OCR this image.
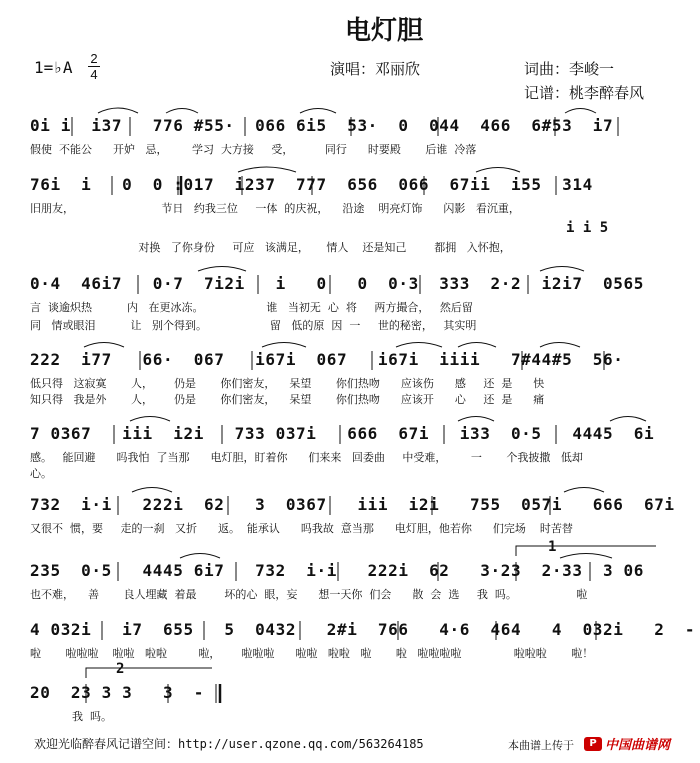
电灯胆
1=♭A 2
4	演唱：邓丽欣	词曲：李峻一
记谱：桃李醉春风
0i i  i37   776 #55·  066 6i5  53·  0  044  466  6#53  i7
假使  不能公      开妒   忌，       学习  大方接     受，         同行      时要殿       后谁  冷落
76i  i   0  0 :017  i237  777  656  066  67ii  i55  314
旧朋友，                         节日   约我三位     一体  的庆祝，    沿途    明亮灯饰      闪影   看沉重，
i i 5
对换   了你身份     可应   该满足，     情人    还是知己        都拥   入怀抱，
0·4  46i7   0·7  7i2i   i   0   0  0·3  333  2·2  i2i7  0565
言  谈逾炽热          内   在更冰冻。                  谁   当初无  心  将     两方撮合，   然后留
同   情或眼泪          让   别个得到。                  留   低的原  因  一     世的秘密，   其实明
222  i77   66·  067   i67i  067   i67i  iiii   7#44#5  56·
低只得   这寂寞       人，      仍是       你们密友，    呆望       你们热吻      应该伤      感     还  是      快
知只得   我是外       人，      仍是       你们密友，    呆望       你们热吻      应该开      心     还  是      痛
7 0367   iii  i2i   733 037i   666  67i   i33  0·5   4445  6i
感。   能回避      吗我怕  了当那      电灯胆，盯着你      们来来   回委曲     中受难，       一       个我披撒   低却
心。
732  i·i   222i  62   3  0367   iii  i2i   755  057i   666  67i
又很不  惯，要     走的一刹   又折      返。  能承认      吗我故  意当那      电灯胆，他若你      们完场    时苦替
1
235  0·5   4445 6i7   732  i·i   222i  62   3·23  2·33  3 06
也不难，    善       良人埋藏  着最        坏的心  眼，妄      想一天你  们会      散  会  选     我  吗。                 啦
4 032i   i7  655   5  0432   2#i  766   4·6  464   4  032i   2  -
啦       啦啦啦    啦啦   啦啦         啦，      啦啦啦      啦啦   啦啦   啦       啦   啦啦啦啦               啦啦啦       啦！
2
20  23 3 3   3  -
我  吗。
欢迎光临醉春风记谱空间：http://user.qzone.qq.com/563264185	本曲谱上传于	P 中国曲谱网
